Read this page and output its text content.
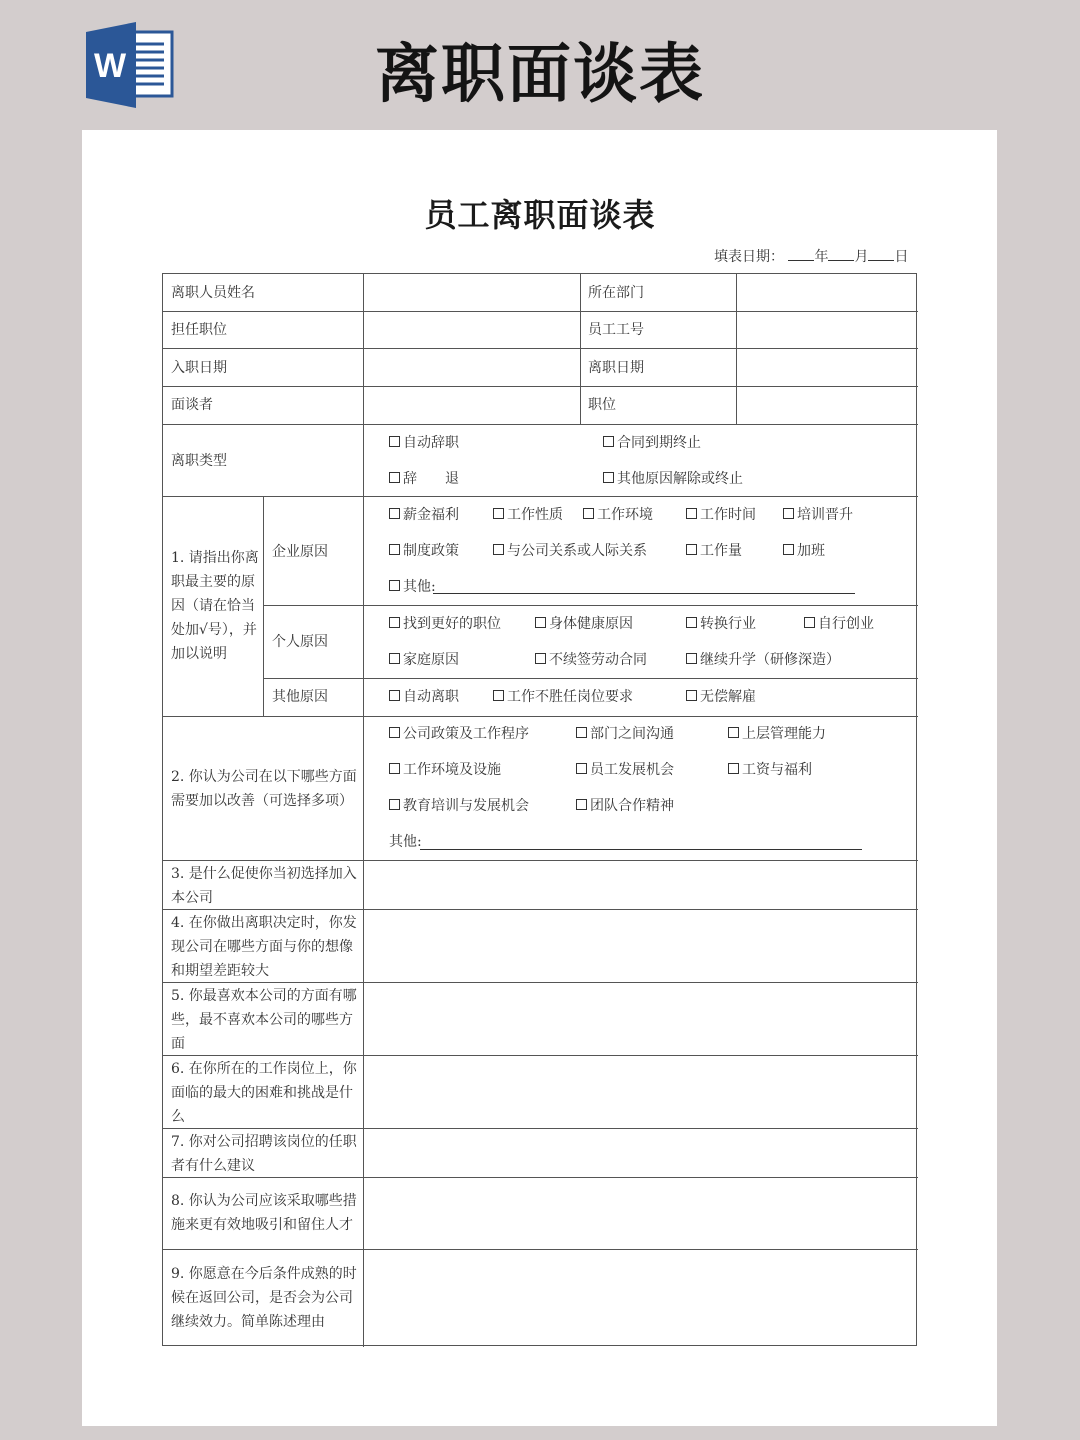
W	离职面谈表
员工离职面谈表
填表日期： 年 月 日
离职人员姓名	所在部门
担任职位	员工工号
入职日期	离职日期
面谈者	职位
离职类型
自动辞职	合同到期终止
辞　　退	其他原因解除或终止
1. 请指出你离职最主要的原因（请在恰当处加√号），并加以说明
企业原因
薪金福利	工作性质	工作环境	工作时间	培训晋升
制度政策	与公司关系或人际关系	工作量	加班
其他:
个人原因
找到更好的职位	身体健康原因	转换行业	自行创业
家庭原因	不续签劳动合同	继续升学（研修深造）
其他原因	自动离职	工作不胜任岗位要求	无偿解雇
2. 你认为公司在以下哪些方面需要加以改善（可选择多项）
公司政策及工作程序	部门之间沟通	上层管理能力
工作环境及设施	员工发展机会	工资与福利
教育培训与发展机会	团队合作精神
其他:
3. 是什么促使你当初选择加入本公司
4. 在你做出离职决定时，你发现公司在哪些方面与你的想像和期望差距较大
5. 你最喜欢本公司的方面有哪些，最不喜欢本公司的哪些方面
6. 在你所在的工作岗位上，你面临的最大的困难和挑战是什么
7. 你对公司招聘该岗位的任职者有什么建议
8. 你认为公司应该采取哪些措施来更有效地吸引和留住人才
9. 你愿意在今后条件成熟的时候在返回公司，是否会为公司继续效力。简单陈述理由
